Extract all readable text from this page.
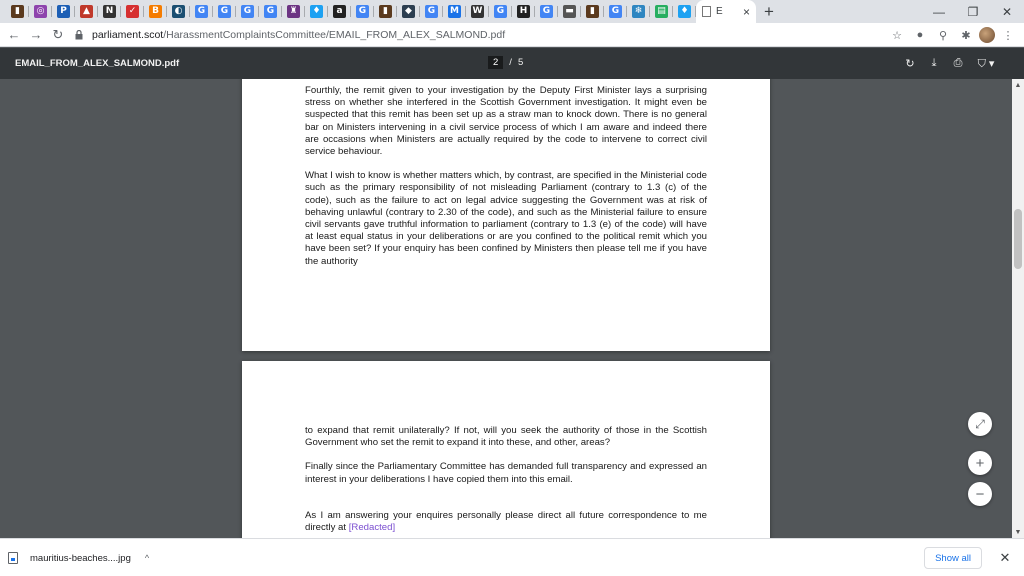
▮	◎	P	▲	N	✓	B	◐	G	G	G	G	♜ ♦	a	G	▮	◆	G	M W	G	H	G	▬	▮	G	❄	▤ ♦	E × +	—	❐	✕
← → ↻	parliament.scot/HarassmentComplaintsCommittee/EMAIL_FROM_ALEX_SALMOND.pdf	☆	●	⚲	✱	⋮
EMAIL_FROM_ALEX_SALMOND.pdf	2	/ 5	↻	⤓	⎙	⛉ ▾

Fourthly, the remit given to your investigation by the Deputy First Minister lays a surprising stress on whether she interfered in the Scottish Government investigation. It might even be suspected that this remit has been set up as a straw man to knock down. There is no general bar on Ministers intervening in a civil service process of which I am aware and indeed there are occasions when Ministers are actually required by the code to intervene to correct civil service behaviour.

What I wish to know is whether matters which, by contrast, are specified in the Ministerial code such as the primary responsibility of not misleading Parliament (contrary to 1.3 (c) of the code), such as the failure to act on legal advice suggesting the Government was at risk of behaving unlawful (contrary to 2.30 of the code), and such as the Ministerial failure to ensure civil servants gave truthful information to parliament (contrary to 1.3 (e) of the code) will have at least equal status in your deliberations or are you confined to the political remit which you have been set? If your enquiry has been confined by Ministers then please tell me if you have the authority

to expand that remit unilaterally? If not, will you seek the authority of those in the Scottish Government who set the remit to expand it into these, and other, areas?

Finally since the Parliamentary Committee has demanded full transparency and expressed an interest in your deliberations I have copied them into this email.

As I am answering your enquires personally please direct all future correspondence to me directly at [Redacted]

⤢
+
−
▲
▼
mauritius-beaches....jpg ^	Show all	✕
